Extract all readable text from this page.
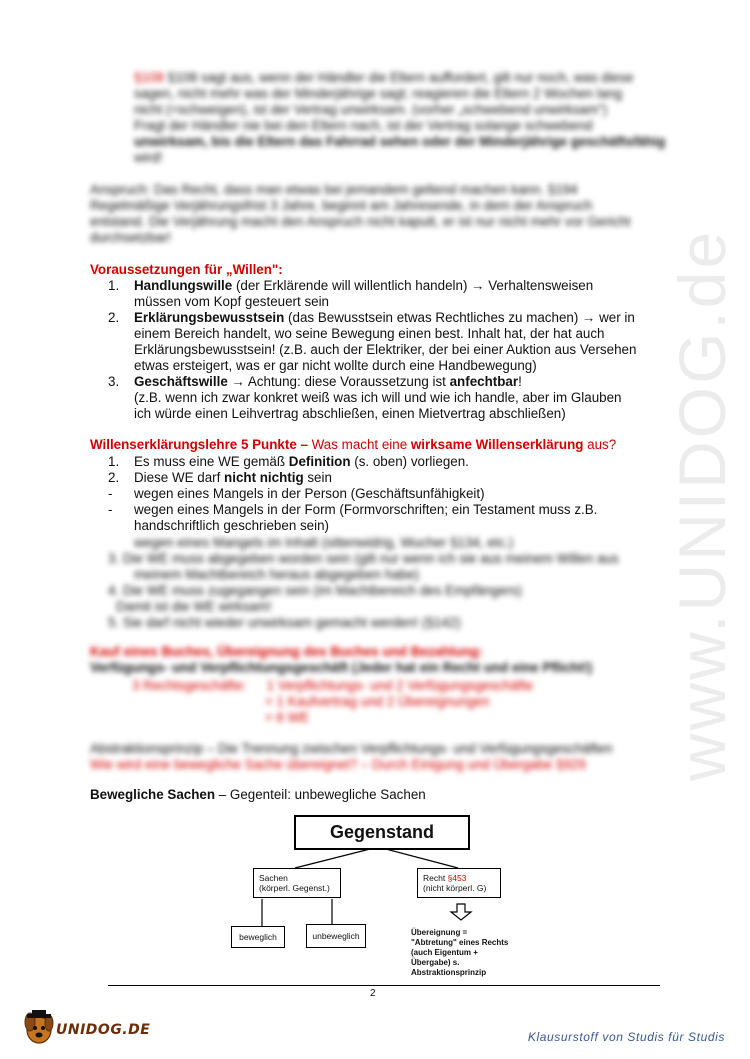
www.UNIDOG.de
§108 §108 sagt aus, wenn der Händler die Eltern auffordert, gilt nur noch, was diese
sagen, nicht mehr was der Minderjährige sagt; reagieren die Eltern 2 Wochen lang
nicht (=schweigen), ist der Vertrag unwirksam. (vorher „schwebend unwirksam")
Fragt der Händler nie bei den Eltern nach, ist der Vertrag solange schwebend
unwirksam, bis die Eltern das Fahrrad sehen oder der Minderjährige geschäftsfähig
wird!
Anspruch: Das Recht, dass man etwas bei jemandem geltend machen kann. §194
Regelmäßige Verjährungsfrist 3 Jahre, beginnt am Jahresende, in dem der Anspruch
entstand. Die Verjährung macht den Anspruch nicht kaputt, er ist nur nicht mehr vor Gericht
durchsetzbar!
Voraussetzungen für „Willen":
1. Handlungswille (der Erklärende will willentlich handeln) → Verhaltensweisen
müssen vom Kopf gesteuert sein
2. Erklärungsbewusstsein (das Bewusstsein etwas Rechtliches zu machen) → wer in
einem Bereich handelt, wo seine Bewegung einen best. Inhalt hat, der hat auch
Erklärungsbewusstsein! (z.B. auch der Elektriker, der bei einer Auktion aus Versehen
etwas ersteigert, was er gar nicht wollte durch eine Handbewegung)
3. Geschäftswille → Achtung: diese Voraussetzung ist anfechtbar!
(z.B. wenn ich zwar konkret weiß was ich will und wie ich handle, aber im Glauben
ich würde einen Leihvertrag abschließen, einen Mietvertrag abschließen)
Willenserklärungslehre 5 Punkte – Was macht eine wirksame Willenserklärung aus?
1. Es muss eine WE gemäß Definition (s. oben) vorliegen.
2. Diese WE darf nicht nichtig sein
- wegen eines Mangels in der Person (Geschäftsunfähigkeit)
- wegen eines Mangels in der Form (Formvorschriften; ein Testament muss z.B.
handschriftlich geschrieben sein)
wegen eines Mangels im Inhalt (sittenwidrig, Wucher §134, etc.)
3. Die WE muss abgegeben worden sein (gilt nur wenn ich sie aus meinem Willen aus
meinem Machtbereich heraus abgegeben habe)
4. Die WE muss zugegangen sein (im Machtbereich des Empfängers)
Damit ist die WE wirksam!
5. Sie darf nicht wieder unwirksam gemacht werden! (§142)
Kauf eines Buches, Übereignung des Buches und Bezahlung:
Verfügungs- und Verpflichtungsgeschäft (Jeder hat ein Recht und eine Pflicht!)
3 Rechtsgeschäfte: 1 Verpflichtungs- und 2 Verfügungsgeschäfte
= 1 Kaufvertrag und 2 Übereignungen
= 6 WE
Abstraktionsprinzip – Die Trennung zwischen Verpflichtungs- und Verfügungsgeschäften
Wie wird eine bewegliche Sache übereignet? – Durch Einigung und Übergabe §929
Bewegliche Sachen – Gegenteil: unbewegliche Sachen
Gegenstand
Sachen
(körperl. Gegenst.)
Recht §453
(nicht körperl. G)
beweglich	unbeweglich	Übereignung =
"Abtretung" eines Rechts
(auch Eigentum +
Übergabe) s.
Abstraktionsprinzip
2
UNIDOG.DE	Klausurstoff von Studis für Studis
